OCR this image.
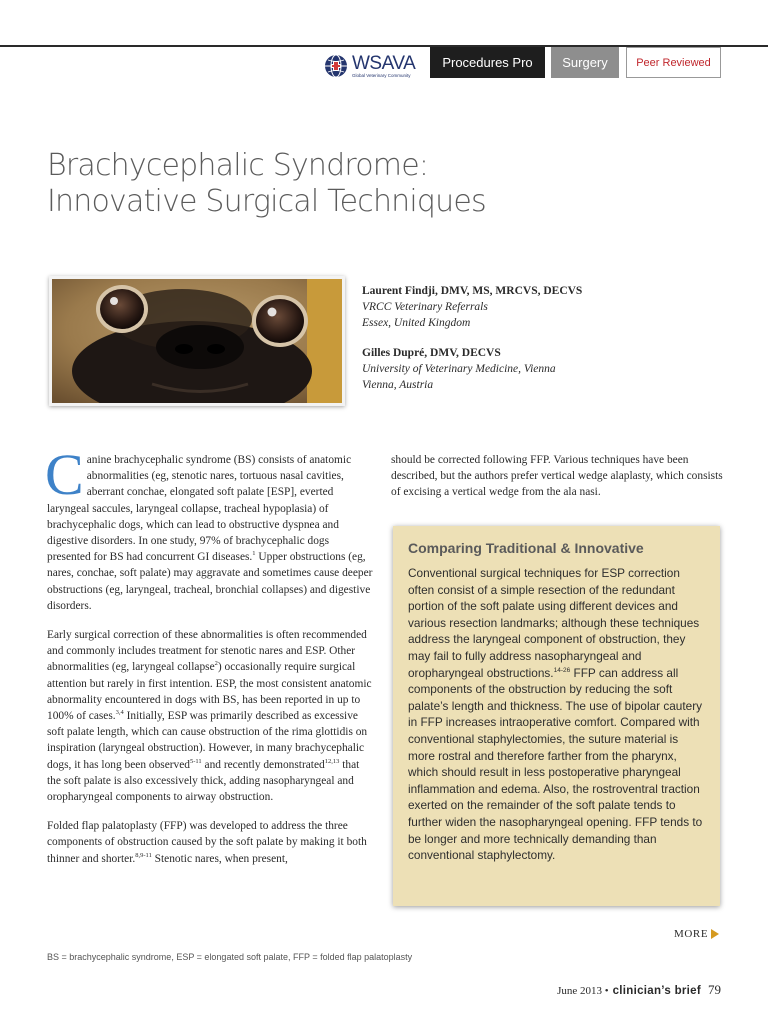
WSAVA
Global Veterinary Community
Procedures Pro	Surgery	Peer Reviewed
Brachycephalic Syndrome:
Innovative Surgical Techniques

Laurent Findji, DMV, MS, MRCVS, DECVS

VRCC Veterinary Referrals

Essex, United Kingdom

Gilles Dupré, DMV, DECVS

University of Veterinary Medicine, Vienna

Vienna, Austria

Canine brachycephalic syndrome (BS) consists of anatomic abnormalities (eg, stenotic nares, tortuous nasal cavities, aberrant conchae, elongated soft palate [ESP], everted laryngeal saccules, laryngeal collapse, tracheal hypoplasia) of brachycephalic dogs, which can lead to obstructive dyspnea and digestive disorders. In one study, 97% of brachycephalic dogs presented for BS had concurrent GI diseases.$^1$ Upper obstructions (eg, nares, conchae, soft palate) may aggravate and sometimes cause deeper obstructions (eg, laryngeal, tracheal, bronchial collapses) and digestive disorders.

Early surgical correction of these abnormalities is often recommended and commonly includes treatment for stenotic nares and ESP. Other abnormalities (eg, laryngeal collapse$^2$) occasionally require surgical attention but rarely in first intention. ESP, the most consistent anatomic abnormality encountered in dogs with BS, has been reported in up to 100% of cases.$^{3,4}$ Initially, ESP was primarily described as excessive soft palate length, which can cause obstruction of the rima glottidis on inspiration (laryngeal obstruction). However, in many brachycephalic dogs, it has long been observed$^{5-11}$ and recently demonstrated$^{12,13}$ that the soft palate is also excessively thick, adding nasopharyngeal and oropharyngeal components to airway obstruction.

Folded flap palatoplasty (FFP) was developed to address the three components of obstruction caused by the soft palate by making it both thinner and shorter.$^{8,9-11}$ Stenotic nares, when present,

should be corrected following FFP. Various techniques have been described, but the authors prefer vertical wedge alaplasty, which consists of excising a vertical wedge from the ala nasi.

Comparing Traditional & Innovative

Conventional surgical techniques for ESP correction often consist of a simple resection of the redundant portion of the soft palate using different devices and various resection landmarks; although these techniques address the laryngeal component of obstruction, they may fail to fully address nasopharyngeal and oropharyngeal obstructions.$^{14-26}$ FFP can address all components of the obstruction by reducing the soft palate’s length and thickness. The use of bipolar cautery in FFP increases intraoperative comfort. Compared with conventional staphylectomies, the suture material is more rostral and therefore farther from the pharynx, which should result in less postoperative pharyngeal inflammation and edema. Also, the rostroventral traction exerted on the remainder of the soft palate tends to further widen the nasopharyngeal opening. FFP tends to be longer and more technically demanding than conventional staphylectomy.

MORE
BS = brachycephalic syndrome, ESP = elongated soft palate, FFP = folded flap palatoplasty
June 2013 • clinician’s brief 79
